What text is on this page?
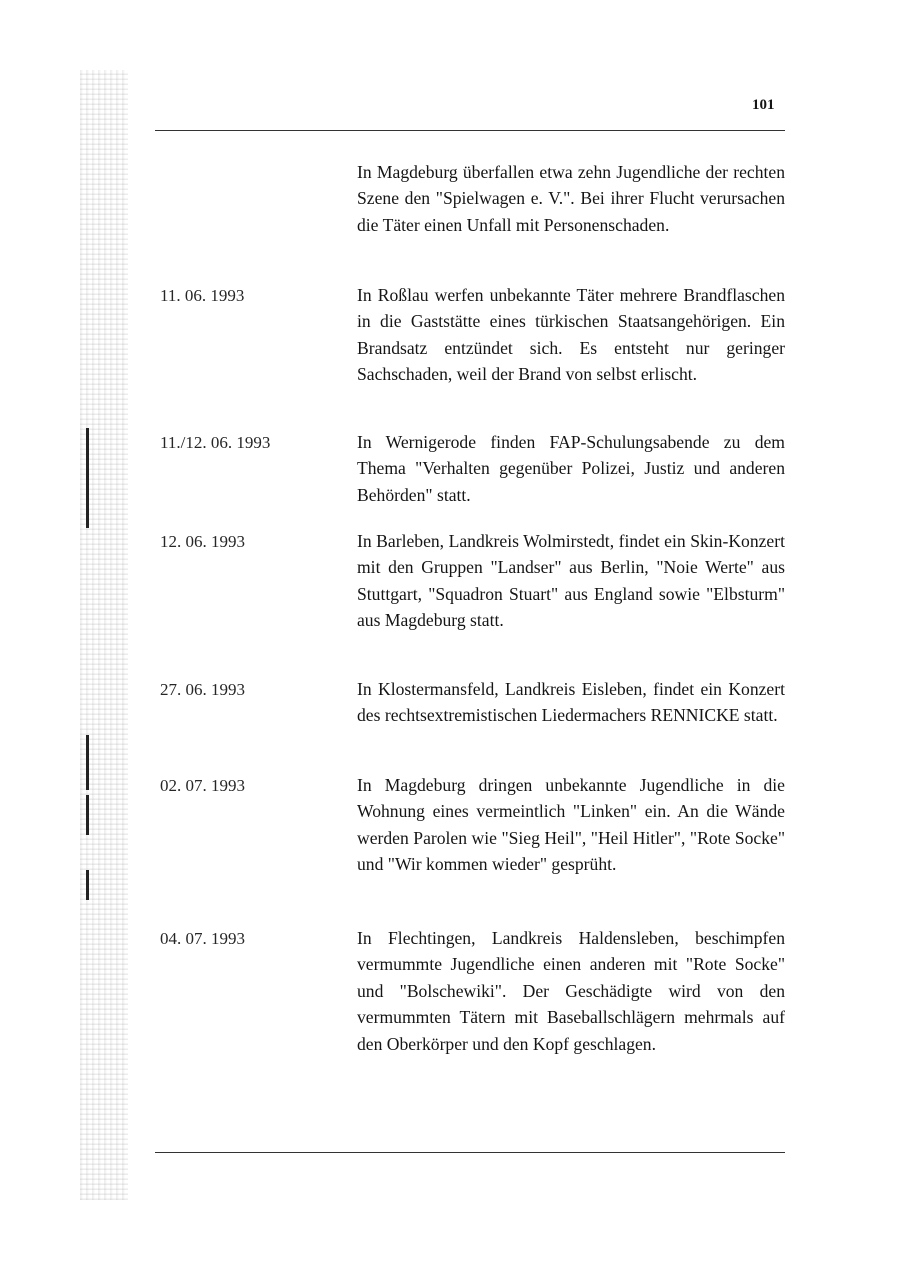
101
In Magdeburg überfallen etwa zehn Jugendliche der rechten Szene den "Spielwagen e. V.". Bei ihrer Flucht verursachen die Täter einen Unfall mit Personenschaden.
11. 06. 1993	In Roßlau werfen unbekannte Täter mehrere Brandflaschen in die Gaststätte eines türkischen Staatsangehörigen. Ein Brandsatz entzündet sich. Es entsteht nur geringer Sachschaden, weil der Brand von selbst erlischt.
11./12. 06. 1993	In Wernigerode finden FAP-Schulungsabende zu dem Thema "Verhalten gegenüber Polizei, Justiz und anderen Behörden" statt.
12. 06. 1993	In Barleben, Landkreis Wolmirstedt, findet ein Skin-Konzert mit den Gruppen "Landser" aus Berlin, "Noie Werte" aus Stuttgart, "Squadron Stuart" aus England sowie "Elbsturm" aus Magdeburg statt.
27. 06. 1993	In Klostermansfeld, Landkreis Eisleben, findet ein Konzert des rechtsextremistischen Liedermachers RENNICKE statt.
02. 07. 1993	In Magdeburg dringen unbekannte Jugendliche in die Wohnung eines vermeintlich "Linken" ein. An die Wände werden Parolen wie "Sieg Heil", "Heil Hitler", "Rote Socke" und "Wir kommen wieder" gesprüht.
04. 07. 1993	In Flechtingen, Landkreis Haldensleben, beschimpfen vermummte Jugendliche einen anderen mit "Rote Socke" und "Bolschewiki". Der Geschädigte wird von den vermummten Tätern mit Baseballschlägern mehrmals auf den Oberkörper und den Kopf geschlagen.
